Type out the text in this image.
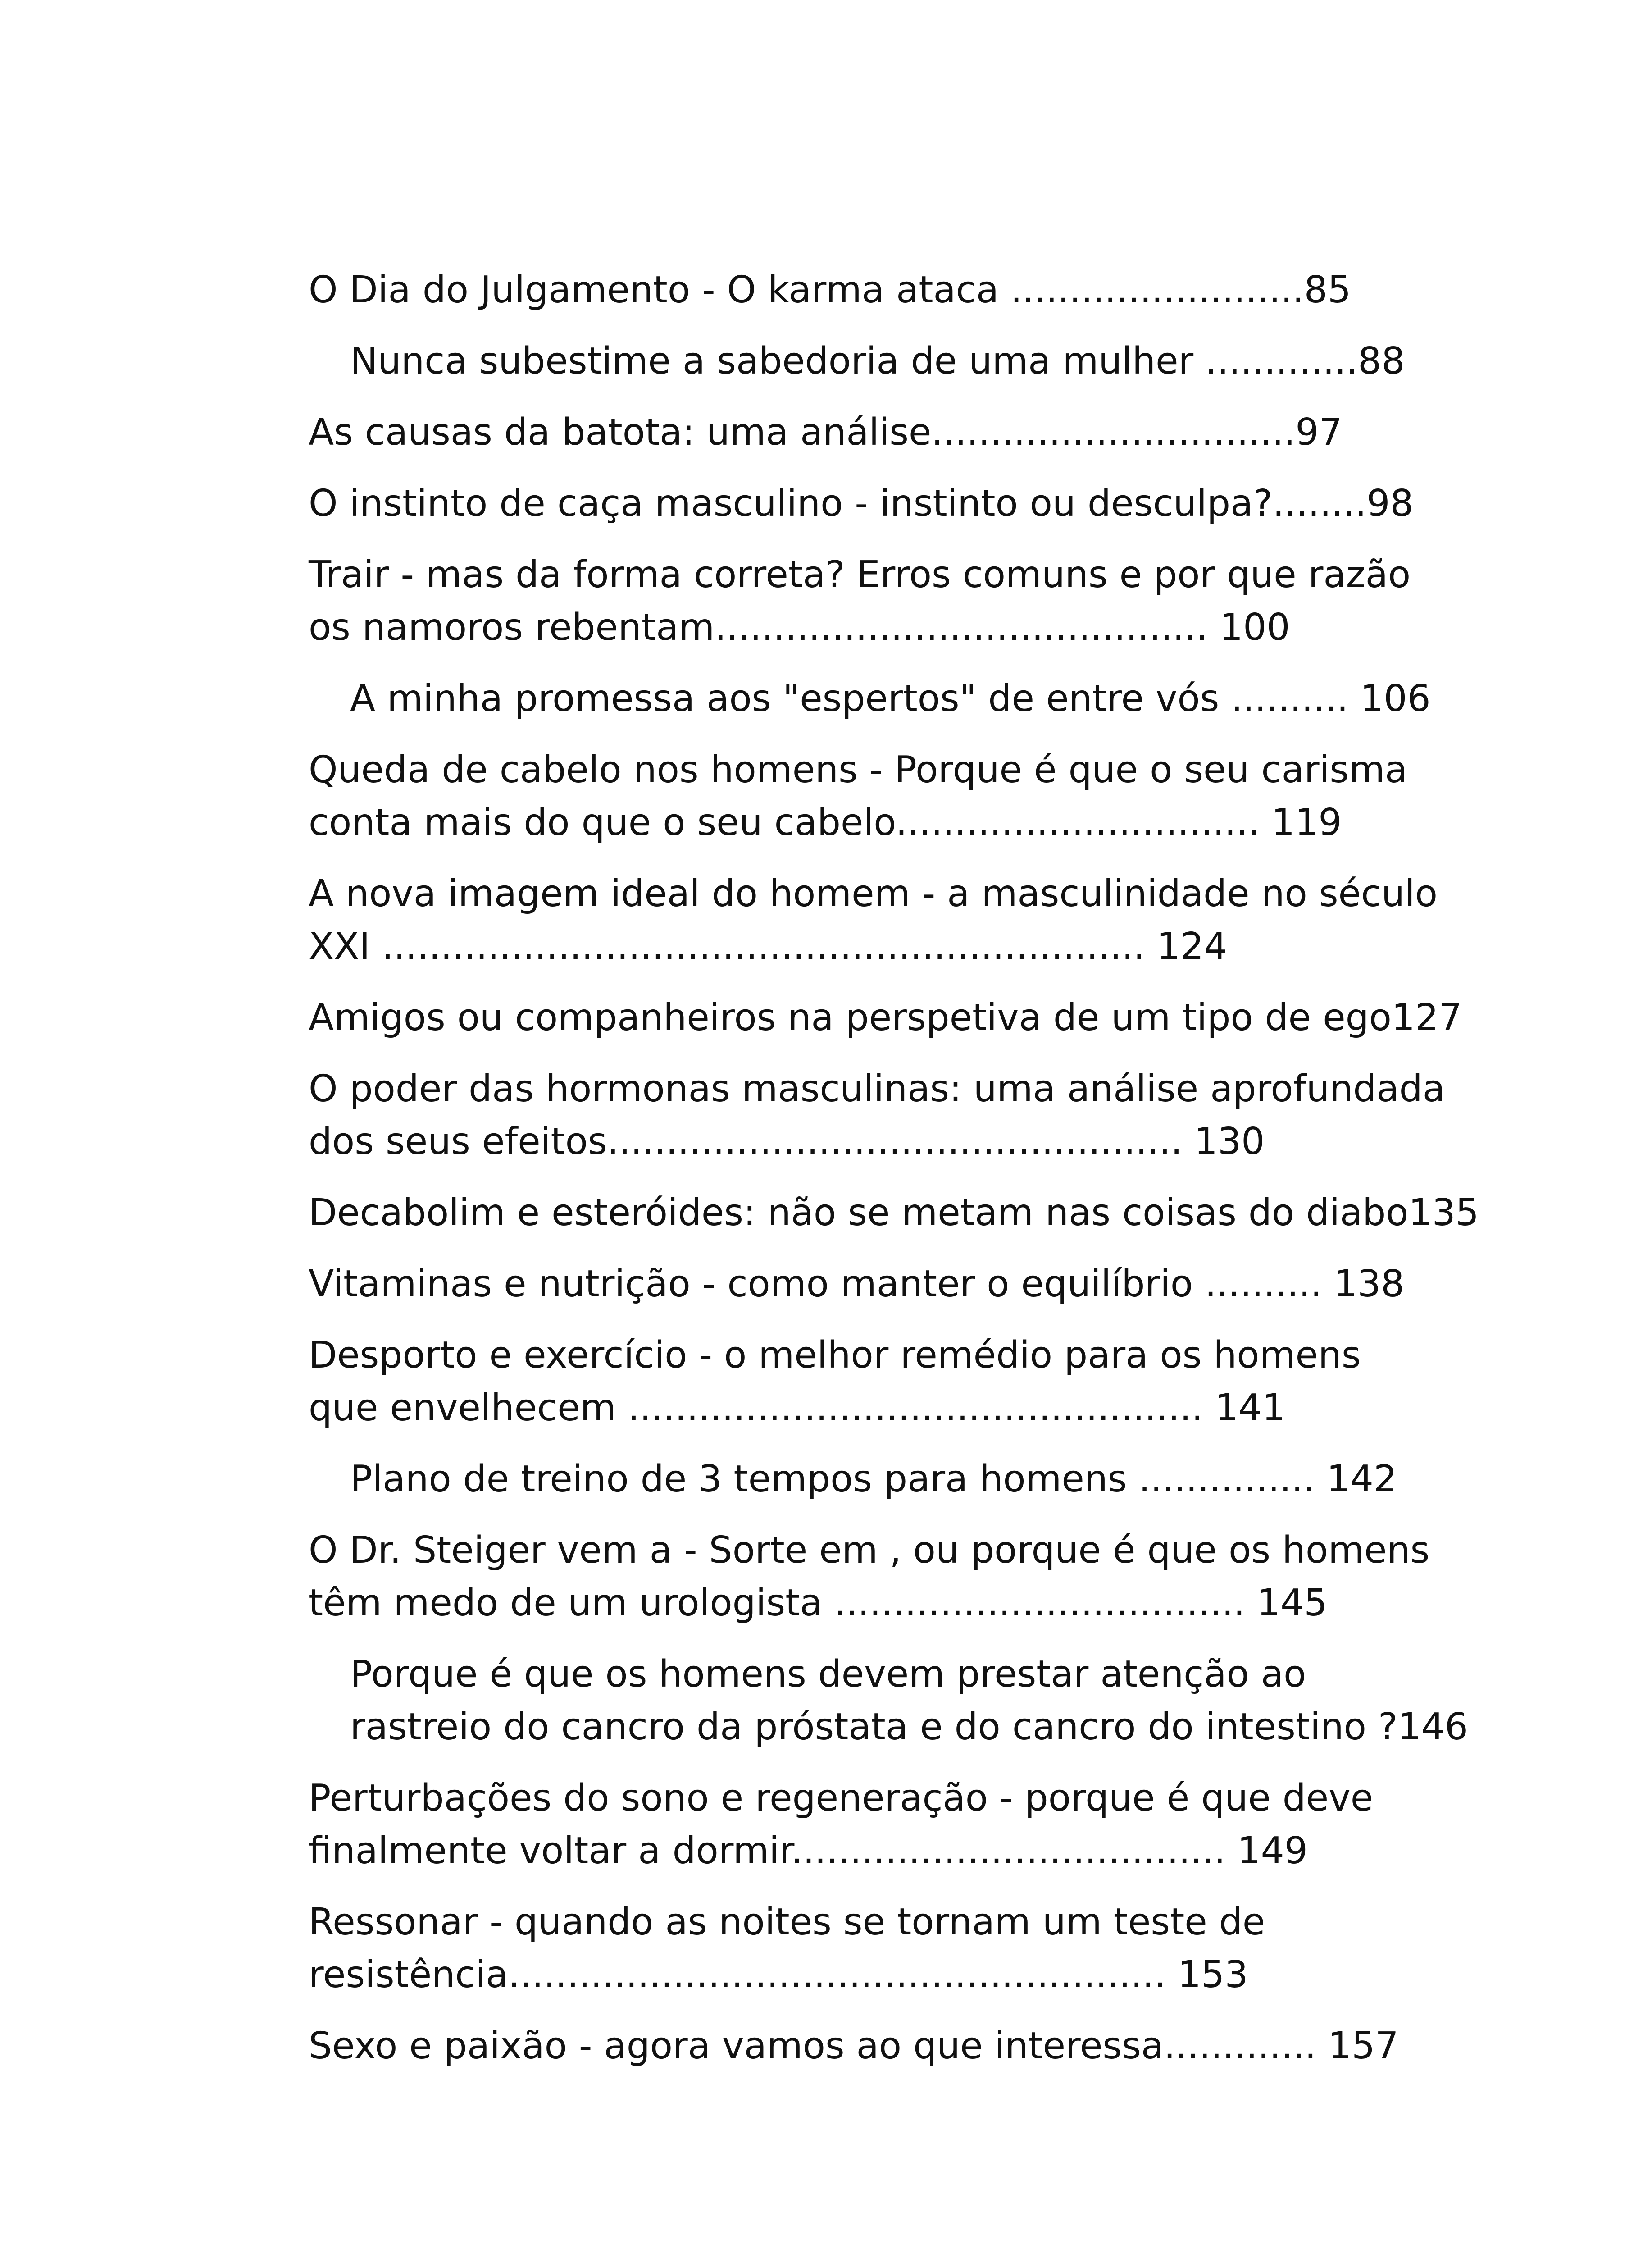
O Dia do Julgamento - O karma ataca .........................85
Nunca subestime a sabedoria de uma mulher .............88
As causas da batota: uma análise...............................97
O instinto de caça masculino - instinto ou desculpa?........98
Trair - mas da forma correta? Erros comuns e por que razão
os namoros rebentam.......................................... 100
A minha promessa aos "espertos" de entre vós .......... 106
Queda de cabelo nos homens - Porque é que o seu carisma
conta mais do que o seu cabelo............................... 119
A nova imagem ideal do homem - a masculinidade no século
XXI ................................................................. 124
Amigos ou companheiros na perspetiva de um tipo de ego127
O poder das hormonas masculinas: uma análise aprofundada
dos seus efeitos................................................. 130
Decabolim e esteróides: não se metam nas coisas do diabo135
Vitaminas e nutrição - como manter o equilíbrio .......... 138
Desporto e exercício - o melhor remédio para os homens
que envelhecem ................................................. 141
Plano de treino de 3 tempos para homens ............... 142
O Dr. Steiger vem a - Sorte em , ou porque é que os homens
têm medo de um urologista ................................... 145
Porque é que os homens devem prestar atenção ao
rastreio do cancro da próstata e do cancro do intestino ?146
Perturbações do sono e regeneração - porque é que deve
finalmente voltar a dormir..................................... 149
Ressonar - quando as noites se tornam um teste de
resistência........................................................ 153
Sexo e paixão - agora vamos ao que interessa............. 157
